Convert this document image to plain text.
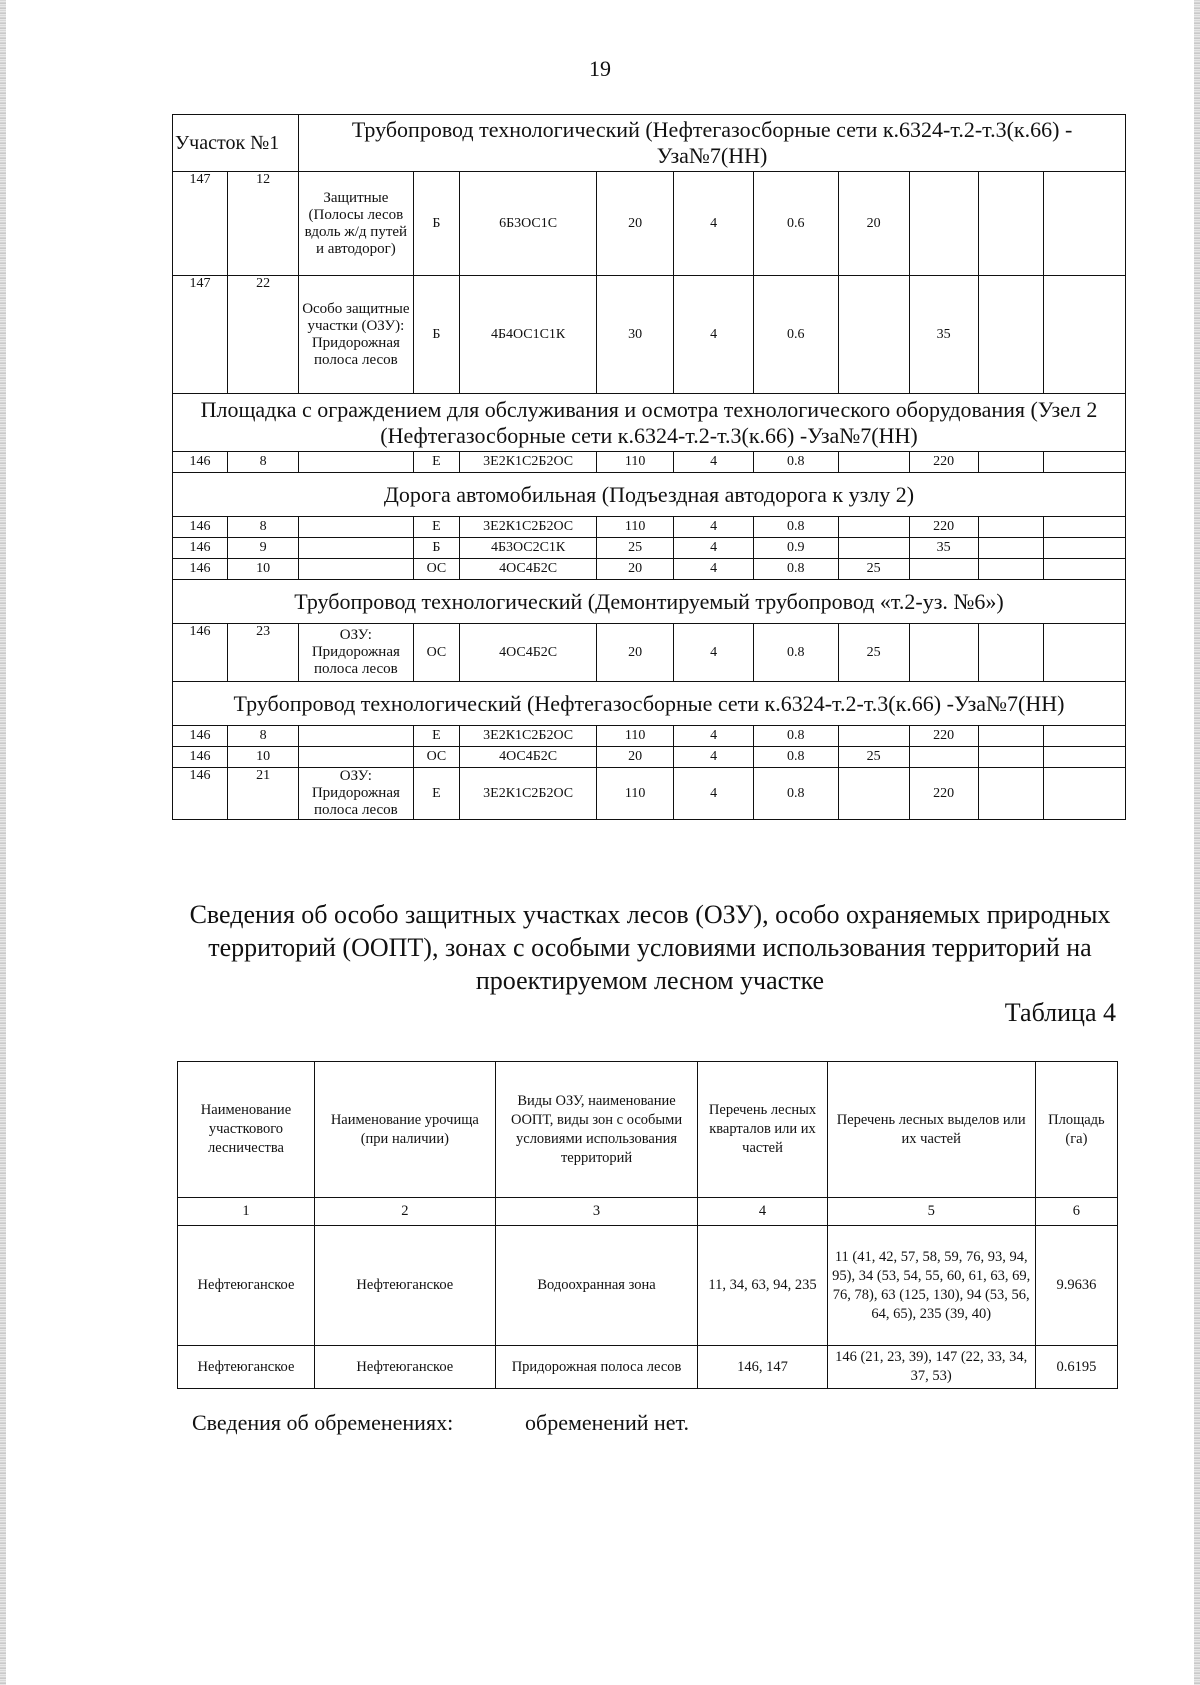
19
Участок №1		Трубопровод технологический (Нефтегазосборные сети к.6324-т.2-т.3(к.66) - Узa№7(НН)									
147	12	Защитные (Полосы лесов вдоль ж/д путей и автодорог)	Б	6Б3ОС1С	20	4	0.6	20			
147	22	Особо защитные участки (ОЗУ): Придорожная полоса лесов	Б	4Б4ОС1С1К	30	4	0.6		35		
Площадка с ограждением для обслуживания и осмотра технологического оборудования (Узел 2 (Нефтегазосборные сети к.6324-т.2-т.3(к.66) -Узa№7(НН)											
146	8		Е	3Е2К1С2Б2ОС	110	4	0.8		220		
Дорога автомобильная (Подъездная автодорога к узлу 2)											
146	8		Е	3Е2К1С2Б2ОС	110	4	0.8		220		
146	9		Б	4Б3ОС2С1К	25	4	0.9		35		
146	10		ОС	4ОС4Б2С	20	4	0.8	25			
Трубопровод технологический (Демонтируемый трубопровод «т.2-уз. №6»)											
146	23	ОЗУ: Придорожная полоса лесов	ОС	4ОС4Б2С	20	4	0.8	25			
Трубопровод технологический (Нефтегазосборные сети к.6324-т.2-т.3(к.66) -Узa№7(НН)											
146	8		Е	3Е2К1С2Б2ОС	110	4	0.8		220		
146	10		ОС	4ОС4Б2С	20	4	0.8	25			
146	21	ОЗУ: Придорожная полоса лесов	Е	3Е2К1С2Б2ОС	110	4	0.8		220		
Сведения об особо защитных участках лесов (ОЗУ), особо охраняемых природных территорий (ООПТ), зонах с особыми условиями использования территорий на проектируемом лесном участке
Таблица 4
Наименование участкового лесничества	Наименование урочища (при наличии)	Виды ОЗУ, наименование ООПТ, виды зон с особыми условиями использования территорий	Перечень лесных кварталов или их частей	Перечень лесных выделов или их частей	Площадь (га)
1	2	3	4	5	6
Нефтеюганское	Нефтеюганское	Водоохранная зона	11, 34, 63, 94, 235	11 (41, 42, 57, 58, 59, 76, 93, 94, 95), 34 (53, 54, 55, 60, 61, 63, 69, 76, 78), 63 (125, 130), 94 (53, 56, 64, 65), 235 (39, 40)	9.9636
Нефтеюганское	Нефтеюганское	Придорожная полоса лесов	146, 147	146 (21, 23, 39), 147 (22, 33, 34, 37, 53)	0.6195
Сведения об обременениях:	обременений нет.
